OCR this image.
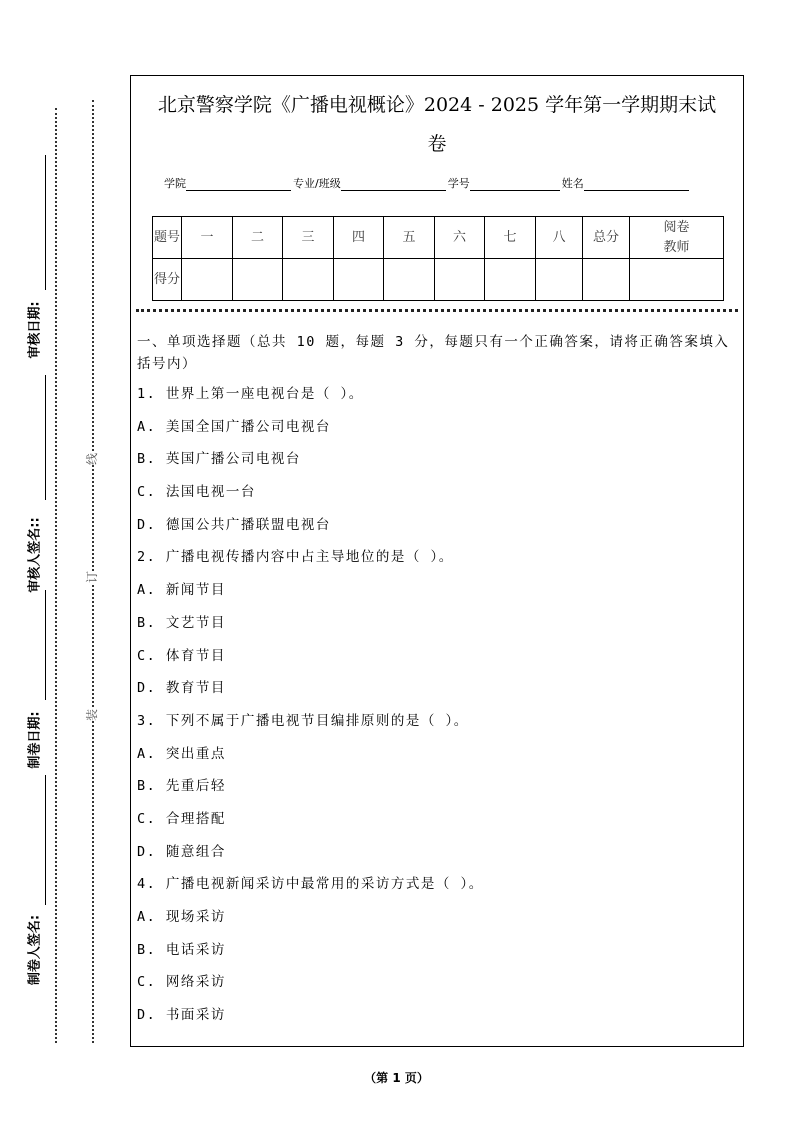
审核日期:
审核人签名::
制卷日期:
制卷人签名:
线
订
装
北京警察学院《广播电视概论》2024 - 2025 学年第一学期期末试
卷
学院	专业/班级	学号	姓名
题号	一	二	三	四	五	六	七	八	总分	阅卷教师
得分										
一、单项选择题（总共 10 题，每题 3 分，每题只有一个正确答案，请将正确答案填入括号内）
1. 世界上第一座电视台是（ ）。
A. 美国全国广播公司电视台
B. 英国广播公司电视台
C. 法国电视一台
D. 德国公共广播联盟电视台
2. 广播电视传播内容中占主导地位的是（ ）。
A. 新闻节目
B. 文艺节目
C. 体育节目
D. 教育节目
3. 下列不属于广播电视节目编排原则的是（ ）。
A. 突出重点
B. 先重后轻
C. 合理搭配
D. 随意组合
4. 广播电视新闻采访中最常用的采访方式是（ ）。
A. 现场采访
B. 电话采访
C. 网络采访
D. 书面采访
（第 1 页）
